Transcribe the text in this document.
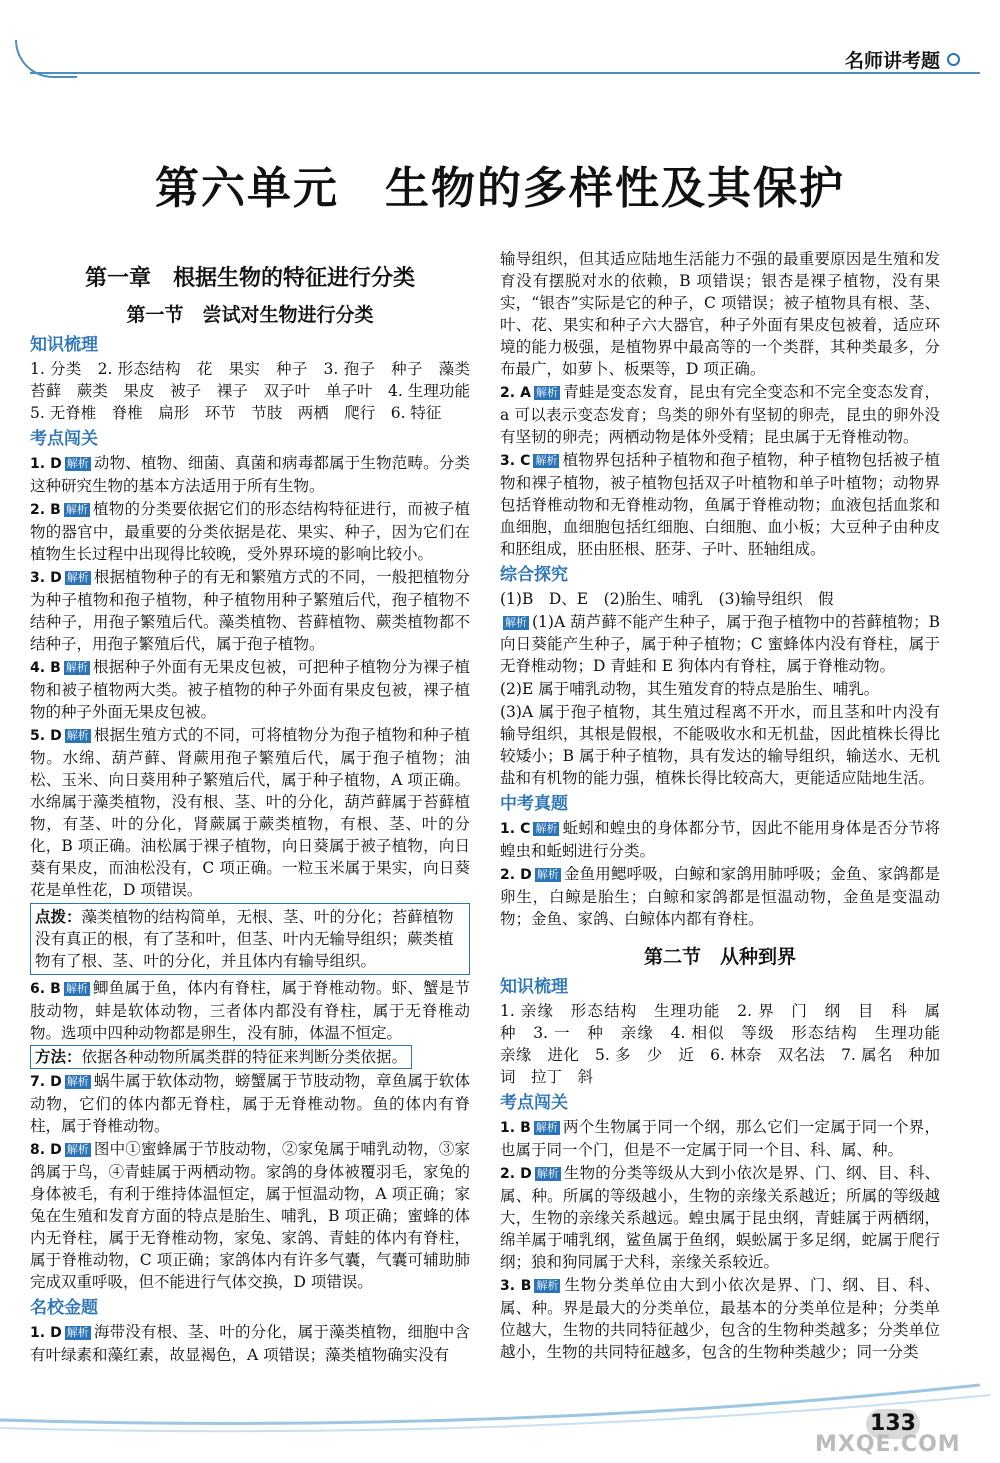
名师讲考题
第六单元　生物的多样性及其保护
第一章　根据生物的特征进行分类
第一节　尝试对生物进行分类
知识梳理
1. 分类　2. 形态结构　花　果实　种子　3. 孢子　种子　藻类　苔藓　蕨类　果皮　被子　裸子　双子叶　单子叶　4. 生理功能　5. 无脊椎　脊椎　扁形　环节　节肢　两栖　爬行　6. 特征
考点闯关
1. D 解析 动物、植物、细菌、真菌和病毒都属于生物范畴。分类这种研究生物的基本方法适用于所有生物。
2. B 解析 植物的分类要依据它们的形态结构特征进行，而被子植物的器官中，最重要的分类依据是花、果实、种子，因为它们在植物生长过程中出现得比较晚，受外界环境的影响比较小。
3. D 解析 根据植物种子的有无和繁殖方式的不同，一般把植物分为种子植物和孢子植物，种子植物用种子繁殖后代，孢子植物不结种子，用孢子繁殖后代。藻类植物、苔藓植物、蕨类植物都不结种子，用孢子繁殖后代，属于孢子植物。
4. B 解析 根据种子外面有无果皮包被，可把种子植物分为裸子植物和被子植物两大类。被子植物的种子外面有果皮包被，裸子植物的种子外面无果皮包被。
5. D 解析 根据生殖方式的不同，可将植物分为孢子植物和种子植物。水绵、葫芦藓、肾蕨用孢子繁殖后代，属于孢子植物；油松、玉米、向日葵用种子繁殖后代，属于种子植物，A 项正确。水绵属于藻类植物，没有根、茎、叶的分化，葫芦藓属于苔藓植物，有茎、叶的分化，肾蕨属于蕨类植物，有根、茎、叶的分化，B 项正确。油松属于裸子植物，向日葵属于被子植物，向日葵有果皮，而油松没有，C 项正确。一粒玉米属于果实，向日葵花是单性花，D 项错误。
点拨：藻类植物的结构简单，无根、茎、叶的分化；苔藓植物没有真正的根，有了茎和叶，但茎、叶内无输导组织；蕨类植物有了根、茎、叶的分化，并且体内有输导组织。
6. B 解析 鲫鱼属于鱼，体内有脊柱，属于脊椎动物。虾、蟹是节肢动物，蚌是软体动物，三者体内都没有脊柱，属于无脊椎动物。选项中四种动物都是卵生，没有肺，体温不恒定。
方法：依据各种动物所属类群的特征来判断分类依据。
7. D 解析 蜗牛属于软体动物，螃蟹属于节肢动物，章鱼属于软体动物，它们的体内都无脊柱，属于无脊椎动物。鱼的体内有脊柱，属于脊椎动物。
8. D 解析 图中①蜜蜂属于节肢动物，②家兔属于哺乳动物，③家鸽属于鸟，④青蛙属于两栖动物。家鸽的身体被覆羽毛，家兔的身体被毛，有利于维持体温恒定，属于恒温动物，A 项正确；家兔在生殖和发育方面的特点是胎生、哺乳，B 项正确；蜜蜂的体内无脊柱，属于无脊椎动物，家兔、家鸽、青蛙的体内有脊柱，属于脊椎动物，C 项正确；家鸽体内有许多气囊，气囊可辅助肺完成双重呼吸，但不能进行气体交换，D 项错误。
名校金题
1. D 解析 海带没有根、茎、叶的分化，属于藻类植物，细胞中含有叶绿素和藻红素，故显褐色，A 项错误；藻类植物确实没有
输导组织，但其适应陆地生活能力不强的最重要原因是生殖和发育没有摆脱对水的依赖，B 项错误；银杏是裸子植物，没有果实，“银杏”实际是它的种子，C 项错误；被子植物具有根、茎、叶、花、果实和种子六大器官，种子外面有果皮包被着，适应环境的能力极强，是植物界中最高等的一个类群，其种类最多，分布最广，如萝卜、板栗等，D 项正确。
2. A 解析 青蛙是变态发育，昆虫有完全变态和不完全变态发育，a 可以表示变态发育；鸟类的卵外有坚韧的卵壳，昆虫的卵外没有坚韧的卵壳；两栖动物是体外受精；昆虫属于无脊椎动物。
3. C 解析 植物界包括种子植物和孢子植物，种子植物包括被子植物和裸子植物，被子植物包括双子叶植物和单子叶植物；动物界包括脊椎动物和无脊椎动物，鱼属于脊椎动物；血液包括血浆和血细胞，血细胞包括红细胞、白细胞、血小板；大豆种子由种皮和胚组成，胚由胚根、胚芽、子叶、胚轴组成。
综合探究
(1)B　D、E　(2)胎生、哺乳　(3)输导组织　假
解析 (1)A 葫芦藓不能产生种子，属于孢子植物中的苔藓植物；B 向日葵能产生种子，属于种子植物；C 蜜蜂体内没有脊柱，属于无脊椎动物；D 青蛙和 E 狗体内有脊柱，属于脊椎动物。
(2)E 属于哺乳动物，其生殖发育的特点是胎生、哺乳。
(3)A 属于孢子植物，其生殖过程离不开水，而且茎和叶内没有输导组织，其根是假根，不能吸收水和无机盐，因此植株长得比较矮小；B 属于种子植物，具有发达的输导组织，输送水、无机盐和有机物的能力强，植株长得比较高大，更能适应陆地生活。
中考真题
1. C 解析 蚯蚓和蝗虫的身体都分节，因此不能用身体是否分节将蝗虫和蚯蚓进行分类。
2. D 解析 金鱼用鳃呼吸，白鲸和家鸽用肺呼吸；金鱼、家鸽都是卵生，白鲸是胎生；白鲸和家鸽都是恒温动物，金鱼是变温动物；金鱼、家鸽、白鲸体内都有脊柱。
第二节　从种到界
知识梳理
1. 亲缘　形态结构　生理功能　2. 界　门　纲　目　科　属　种　3. 一　种　亲缘　4. 相似　等级　形态结构　生理功能　亲缘　进化　5. 多　少　近　6. 林奈　双名法　7. 属名　种加词　拉丁　斜
考点闯关
1. B 解析 两个生物属于同一个纲，那么它们一定属于同一个界，也属于同一个门，但是不一定属于同一个目、科、属、种。
2. D 解析 生物的分类等级从大到小依次是界、门、纲、目、科、属、种。所属的等级越小，生物的亲缘关系越近；所属的等级越大，生物的亲缘关系越远。蝗虫属于昆虫纲，青蛙属于两栖纲，绵羊属于哺乳纲，鲨鱼属于鱼纲，蜈蚣属于多足纲，蛇属于爬行纲；狼和狗同属于犬科，亲缘关系较近。
3. B 解析 生物分类单位由大到小依次是界、门、纲、目、科、属、种。界是最大的分类单位，最基本的分类单位是种；分类单位越大，生物的共同特征越少，包含的生物种类越多；分类单位越小，生物的共同特征越多，包含的生物种类越少；同一分类
133
MXQE.COM
